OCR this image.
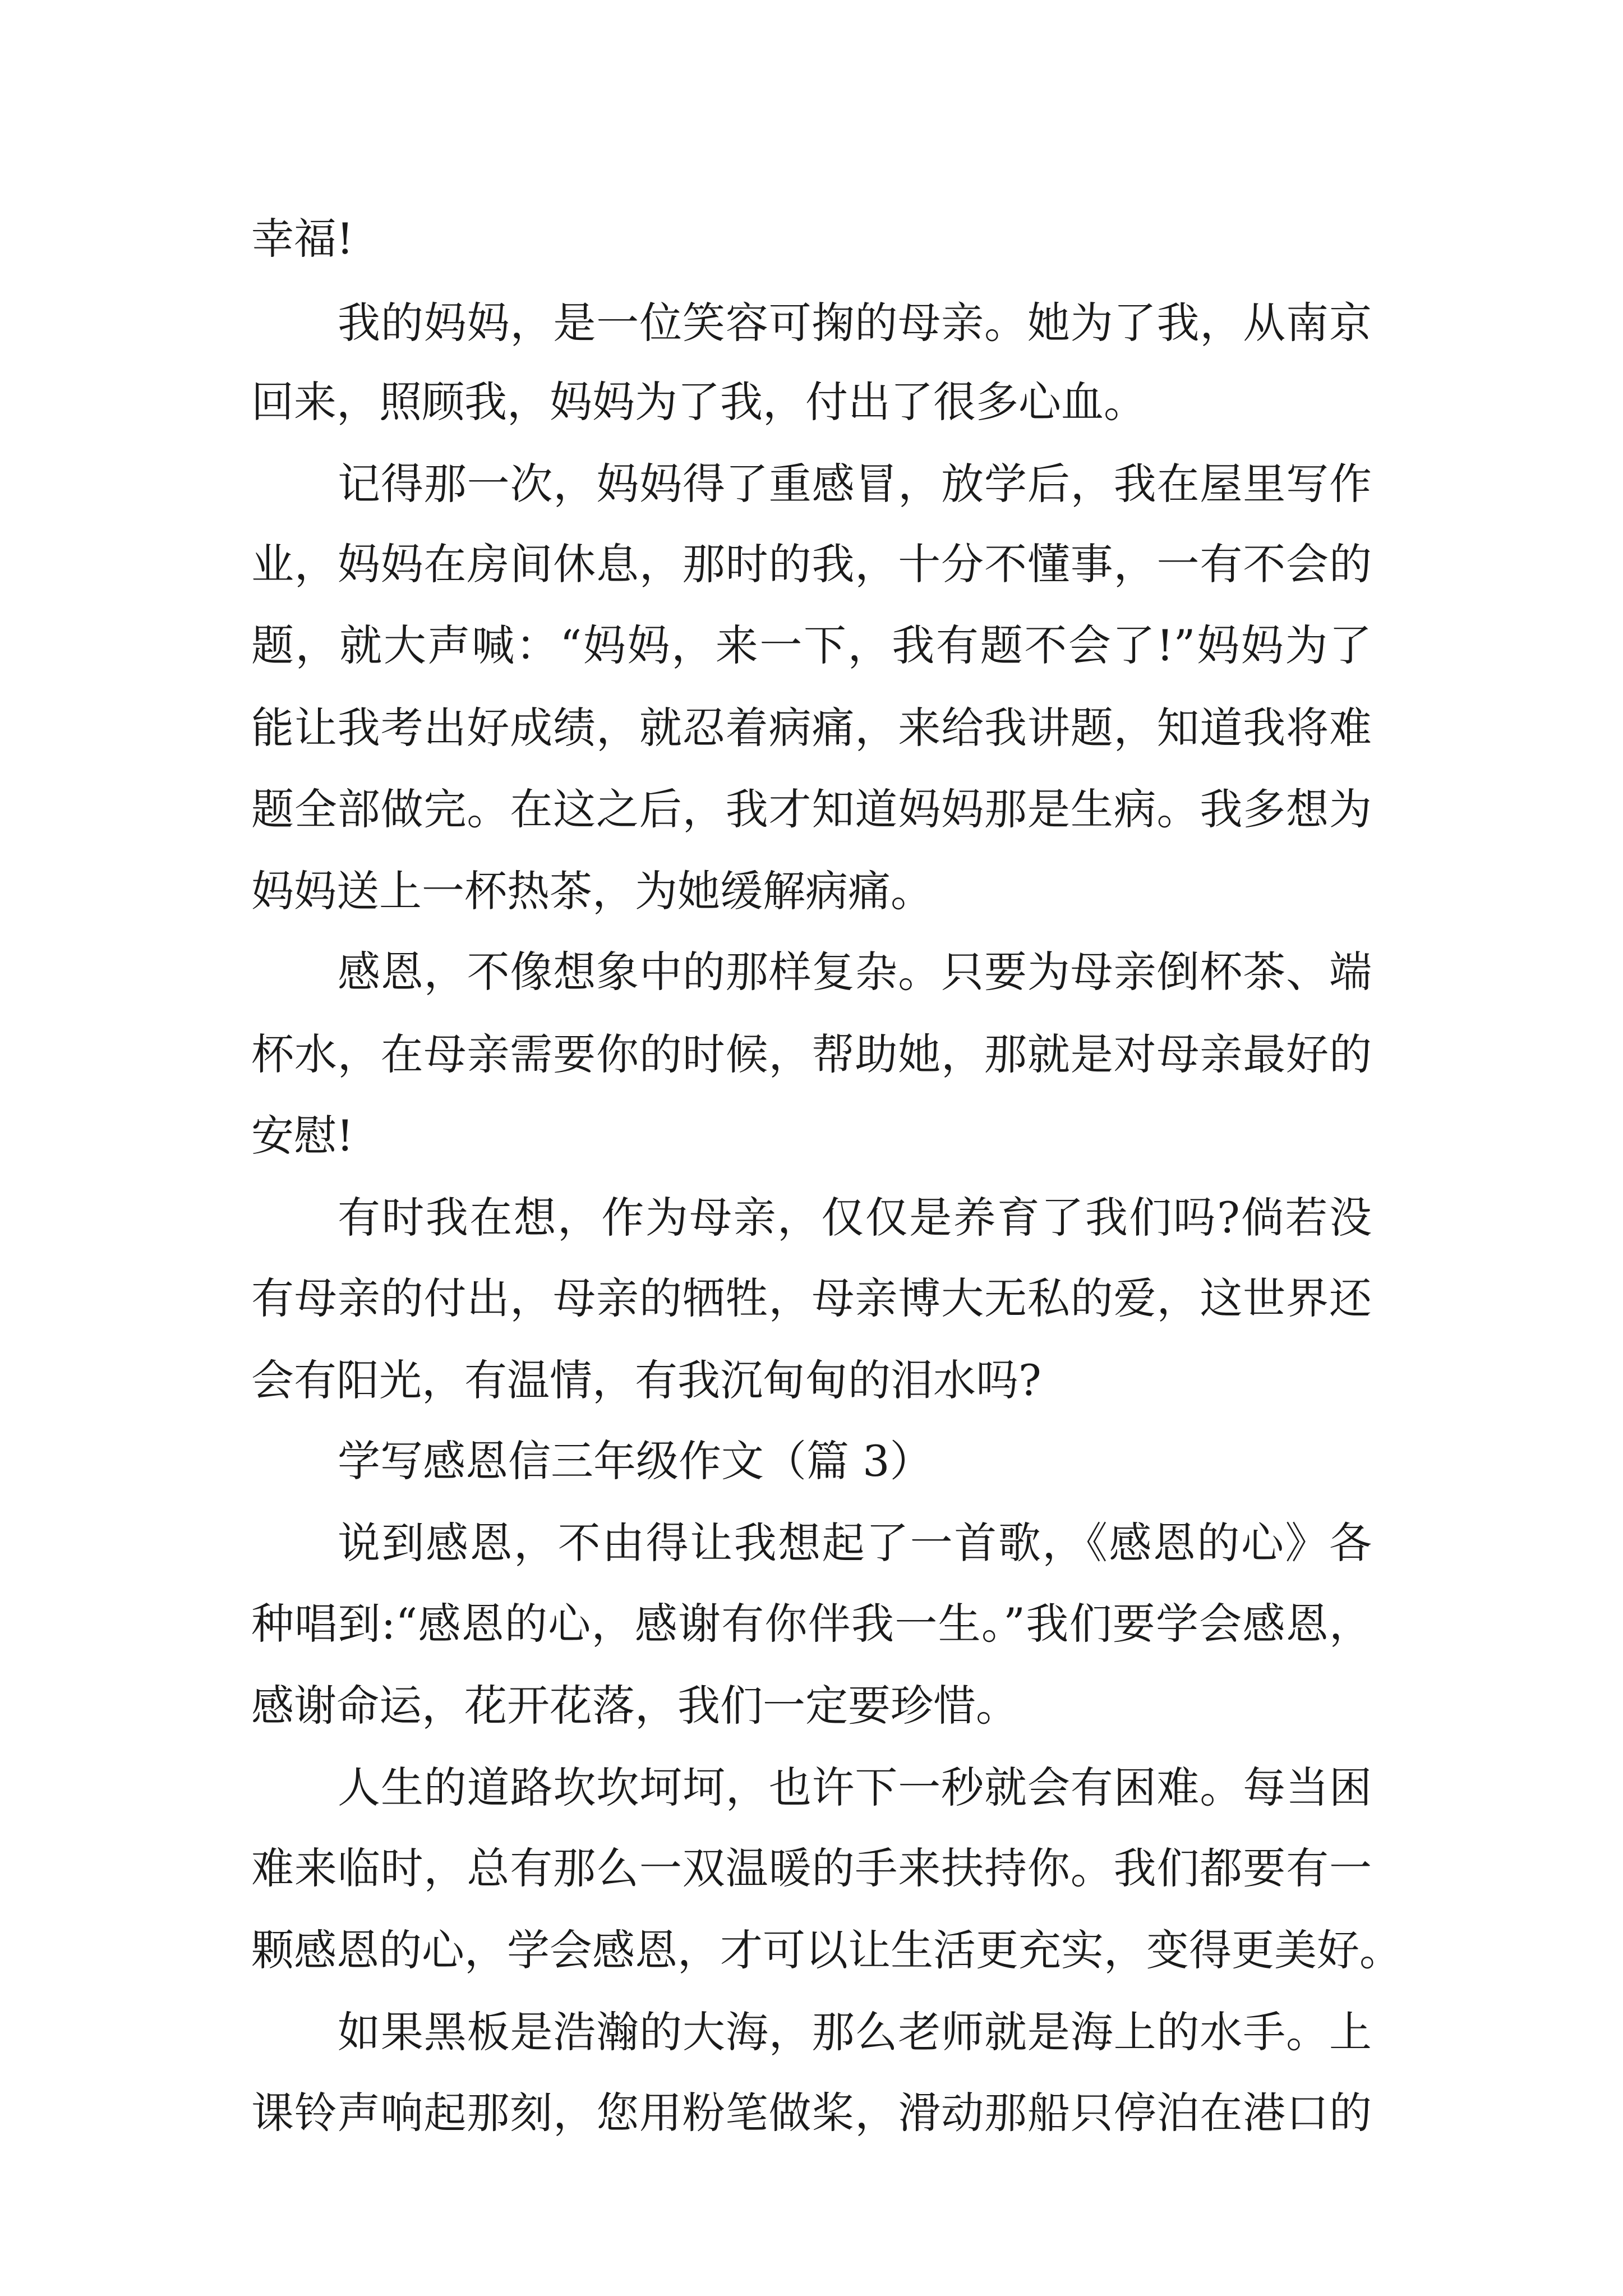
幸福!
我的妈妈，是一位笑容可掬的母亲。她为了我，从南京
回来，照顾我，妈妈为了我，付出了很多心血。
记得那一次，妈妈得了重感冒，放学后，我在屋里写作
业，妈妈在房间休息，那时的我，十分不懂事，一有不会的
题，就大声喊：“妈妈，来一下，我有题不会了!”妈妈为了
能让我考出好成绩，就忍着病痛，来给我讲题，知道我将难
题全部做完。在这之后，我才知道妈妈那是生病。我多想为
妈妈送上一杯热茶，为她缓解病痛。
感恩，不像想象中的那样复杂。只要为母亲倒杯茶、端
杯水，在母亲需要你的时候，帮助她，那就是对母亲最好的
安慰!
有时我在想，作为母亲，仅仅是养育了我们吗?倘若没
有母亲的付出，母亲的牺牲，母亲博大无私的爱，这世界还
会有阳光，有温情，有我沉甸甸的泪水吗?
学写感恩信三年级作文（篇 3）
说到感恩，不由得让我想起了一首歌，《感恩的心》各
种唱到:“感恩的心，感谢有你伴我一生。”我们要学会感恩，
感谢命运，花开花落，我们一定要珍惜。
人生的道路坎坎坷坷，也许下一秒就会有困难。每当困
难来临时，总有那么一双温暖的手来扶持你。我们都要有一
颗感恩的心，学会感恩，才可以让生活更充实，变得更美好。
如果黑板是浩瀚的大海，那么老师就是海上的水手。上
课铃声响起那刻，您用粉笔做桨，滑动那船只停泊在港口的
